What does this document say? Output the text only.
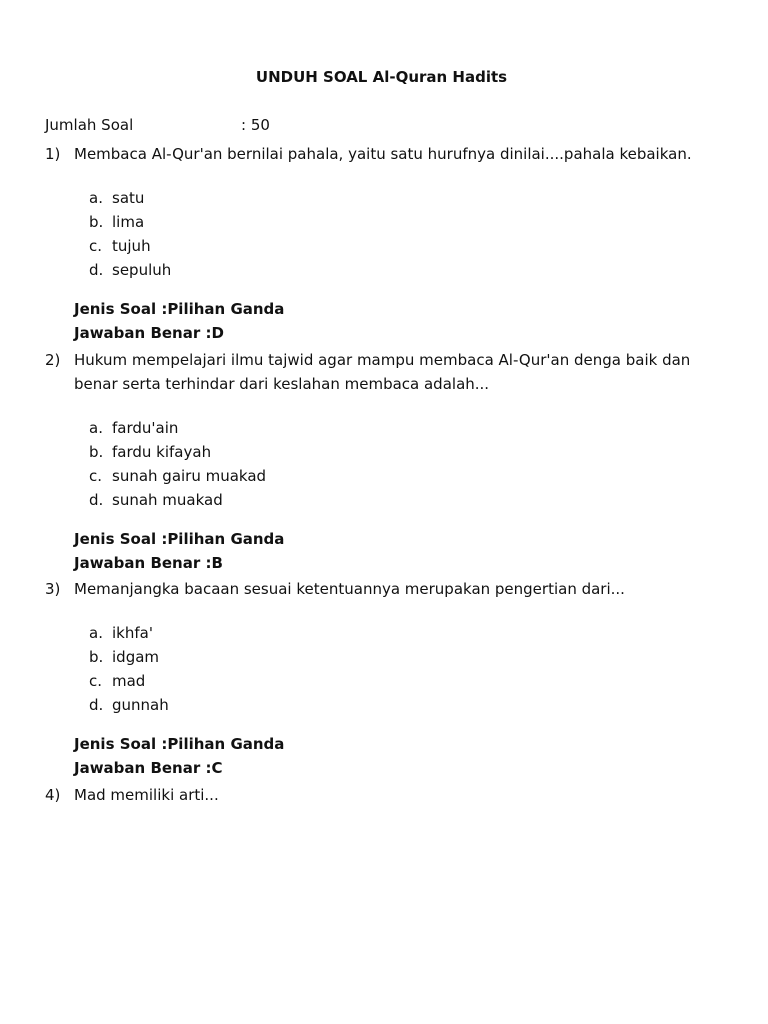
UNDUH SOAL Al-Quran Hadits
Jumlah Soal	: 50
1) Membaca Al-Qur'an bernilai pahala, yaitu satu hurufnya dinilai....pahala kebaikan.
a. satu
b. lima
c. tujuh
d. sepuluh
Jenis Soal :Pilihan Ganda
Jawaban Benar :D
2) Hukum mempelajari ilmu tajwid agar mampu membaca Al-Qur'an denga baik dan benar serta terhindar dari keslahan membaca adalah...
a. fardu'ain
b. fardu kifayah
c. sunah gairu muakad
d. sunah muakad
Jenis Soal :Pilihan Ganda
Jawaban Benar :B
3) Memanjangka bacaan sesuai ketentuannya merupakan pengertian dari...
a. ikhfa'
b. idgam
c. mad
d. gunnah
Jenis Soal :Pilihan Ganda
Jawaban Benar :C
4) Mad memiliki arti...
